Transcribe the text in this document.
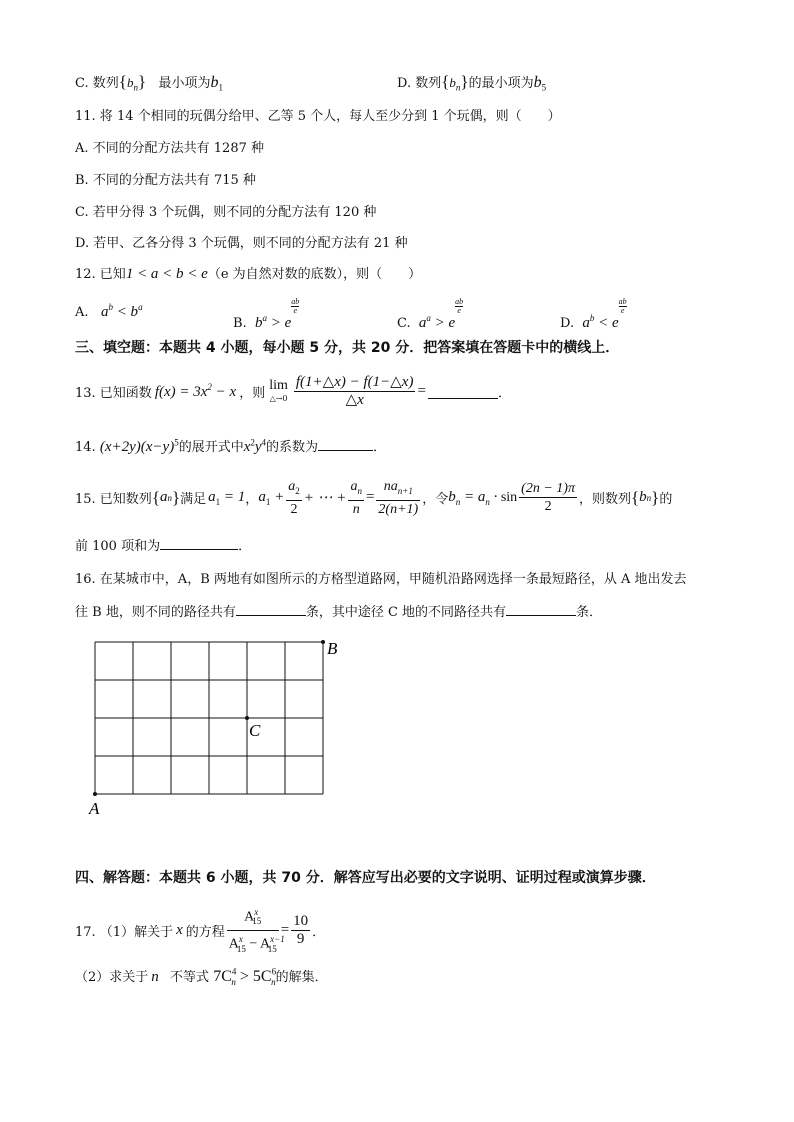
C. 数列$\{b_n\}$ 最小项为$b_1$	D. 数列$\{b_n\}$的最小项为$b_5$
11. 将 14 个相同的玩偶分给甲、乙等 5 个人，每人至少分到 1 个玩偶，则（　　）
A. 不同的分配方法共有 1287 种
B. 不同的分配方法共有 715 种
C. 若甲分得 3 个玩偶，则不同的分配方法有 120 种
D. 若甲、乙各分得 3 个玩偶，则不同的分配方法有 21 种
12. 已知1 < a < b < e（e 为自然对数的底数），则（　　）
A. $a^b < b^a$
B. $b^a > e$
$\frac{ab}{e}$
C. $a^a > e$
$\frac{ab}{e}$
D. $a^b < e$
$\frac{ab}{e}$
三、填空题：本题共 4 小题，每小题 5 分，共 20 分．把答案填在答题卡中的横线上．
13. 已知函数 $f(x) = 3x^2 - x$ ，则
lim
△→0 $\frac{f(1+\triangle x) - f(1-\triangle x)}{\triangle x}$ =	．
14. $(x+2y)(x-y)^5$的展开式中$x^2y^4$的系数为	．
15. 已知数列 { a n } 满足 $a_1 = 1$ ， $a_1 + \frac{a_2}{2}$ + ⋯ + $\frac{a_n}{n} = \frac{na_{n+1}}{2(n+1)}$ ，令 $b_n = a_n \cdot \sin \frac{(2n - 1)\pi}{2}$ ，则数列 { b n } 的
前 100 项和为	．
16. 在某城市中，A，B 两地有如图所示的方格型道路网，甲随机沿路网选择一条最短路径，从 A 地出发去
往 B 地，则不同的路径共有	条，其中途径 C 地的不同路径共有	条．
A
B
C
四、解答题：本题共 6 小题，共 70 分．解答应写出必要的文字说明、证明过程或演算步骤．
17. （1）解关于 x 的方程 $\frac{A^x_{15}}{A^x_{15} - A^{x-1}_{15}} = \frac{10}{9}$ ．
（2）求关于 n 不等式 $7C^4_n > 5C^6_n$的解集．
